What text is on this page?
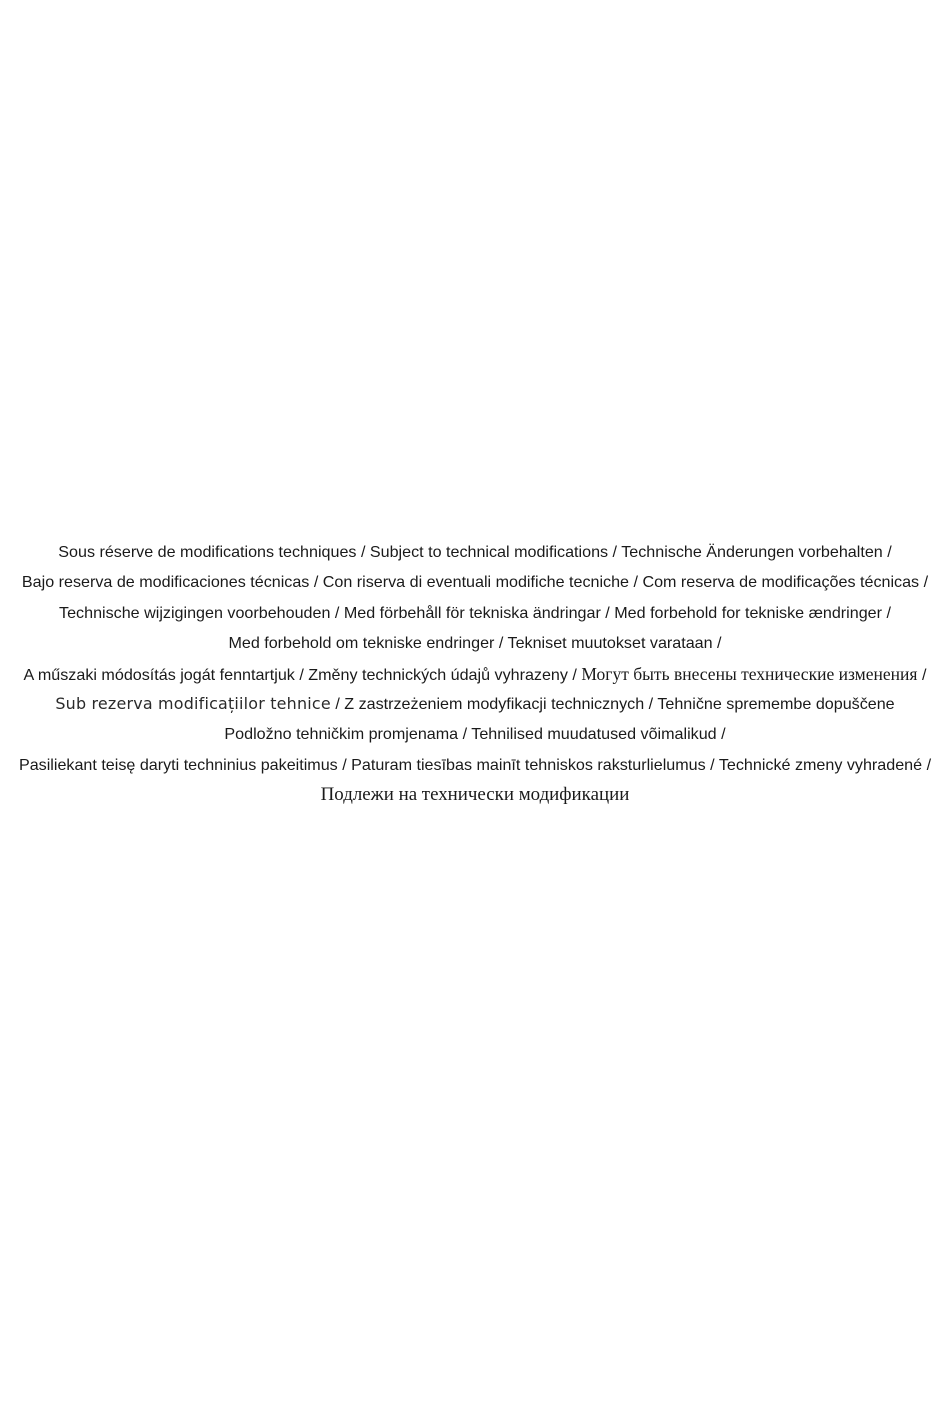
Sous réserve de modifications techniques / Subject to technical modifications / Technische Änderungen vorbehalten /
Bajo reserva de modificaciones técnicas / Con riserva di eventuali modifiche tecniche / Com reserva de modificações técnicas /
Technische wijzigingen voorbehouden / Med förbehåll för tekniska ändringar / Med forbehold for tekniske ændringer /
Med forbehold om tekniske endringer / Tekniset muutokset varataan /
A műszaki módosítás jogát fenntartjuk / Změny technických údajů vyhrazeny / Могут быть внесены технические изменения /
Sub rezerva modificațiilor tehnice / Z zastrzeżeniem modyfikacji technicznych / Tehnične spremembe dopuščene
Podložno tehničkim promjenama / Tehnilised muudatused võimalikud /
Pasiliekant teisę daryti techninius pakeitimus / Paturam tiesības mainīt tehniskos raksturlielumus / Technické zmeny vyhradené /
Подлежи на технически модификации
